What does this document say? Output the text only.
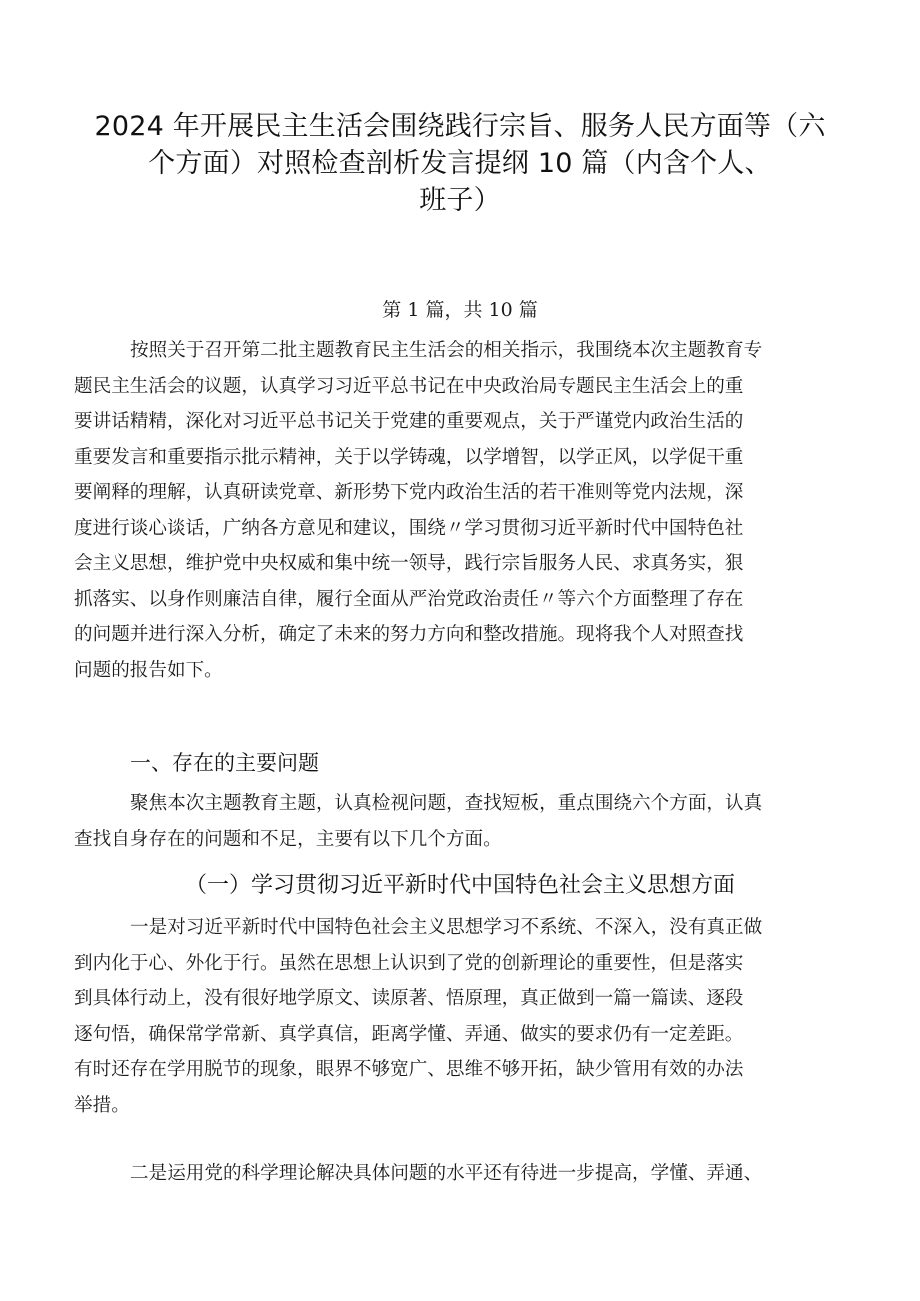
2024 年开展民主生活会围绕践行宗旨、服务人民方面等（六
个方面）对照检查剖析发言提纲 10 篇（内含个人、
班子）
第 1 篇，共 10 篇

按照关于召开第二批主题教育民主生活会的相关指示，我围绕本次主题教育专
题民主生活会的议题，认真学习习近平总书记在中央政治局专题民主生活会上的重
要讲话精精，深化对习近平总书记关于党建的重要观点，关于严谨党内政治生活的
重要发言和重要指示批示精神，关于以学铸魂，以学增智，以学正风，以学促干重
要阐释的理解，认真研读党章、新形势下党内政治生活的若干准则等党内法规，深
度进行谈心谈话，广纳各方意见和建议，围绕〃学习贯彻习近平新时代中国特色社
会主义思想，维护党中央权威和集中统一领导，践行宗旨服务人民、求真务实，狠
抓落实、以身作则廉洁自律，履行全面从严治党政治责任〃等六个方面整理了存在
的问题并进行深入分析，确定了未来的努力方向和整改措施。现将我个人对照查找
问题的报告如下。

一、存在的主要问题

聚焦本次主题教育主题，认真检视问题，查找短板，重点围绕六个方面，认真
查找自身存在的问题和不足，主要有以下几个方面。

（一）学习贯彻习近平新时代中国特色社会主义思想方面

一是对习近平新时代中国特色社会主义思想学习不系统、不深入，没有真正做
到内化于心、外化于行。虽然在思想上认识到了党的创新理论的重要性，但是落实
到具体行动上，没有很好地学原文、读原著、悟原理，真正做到一篇一篇读、逐段
逐句悟，确保常学常新、真学真信，距离学懂、弄通、做实的要求仍有一定差距。
有时还存在学用脱节的现象，眼界不够宽广、思维不够开拓，缺少管用有效的办法
举措。

二是运用党的科学理论解决具体问题的水平还有待进一步提高，学懂、弄通、
